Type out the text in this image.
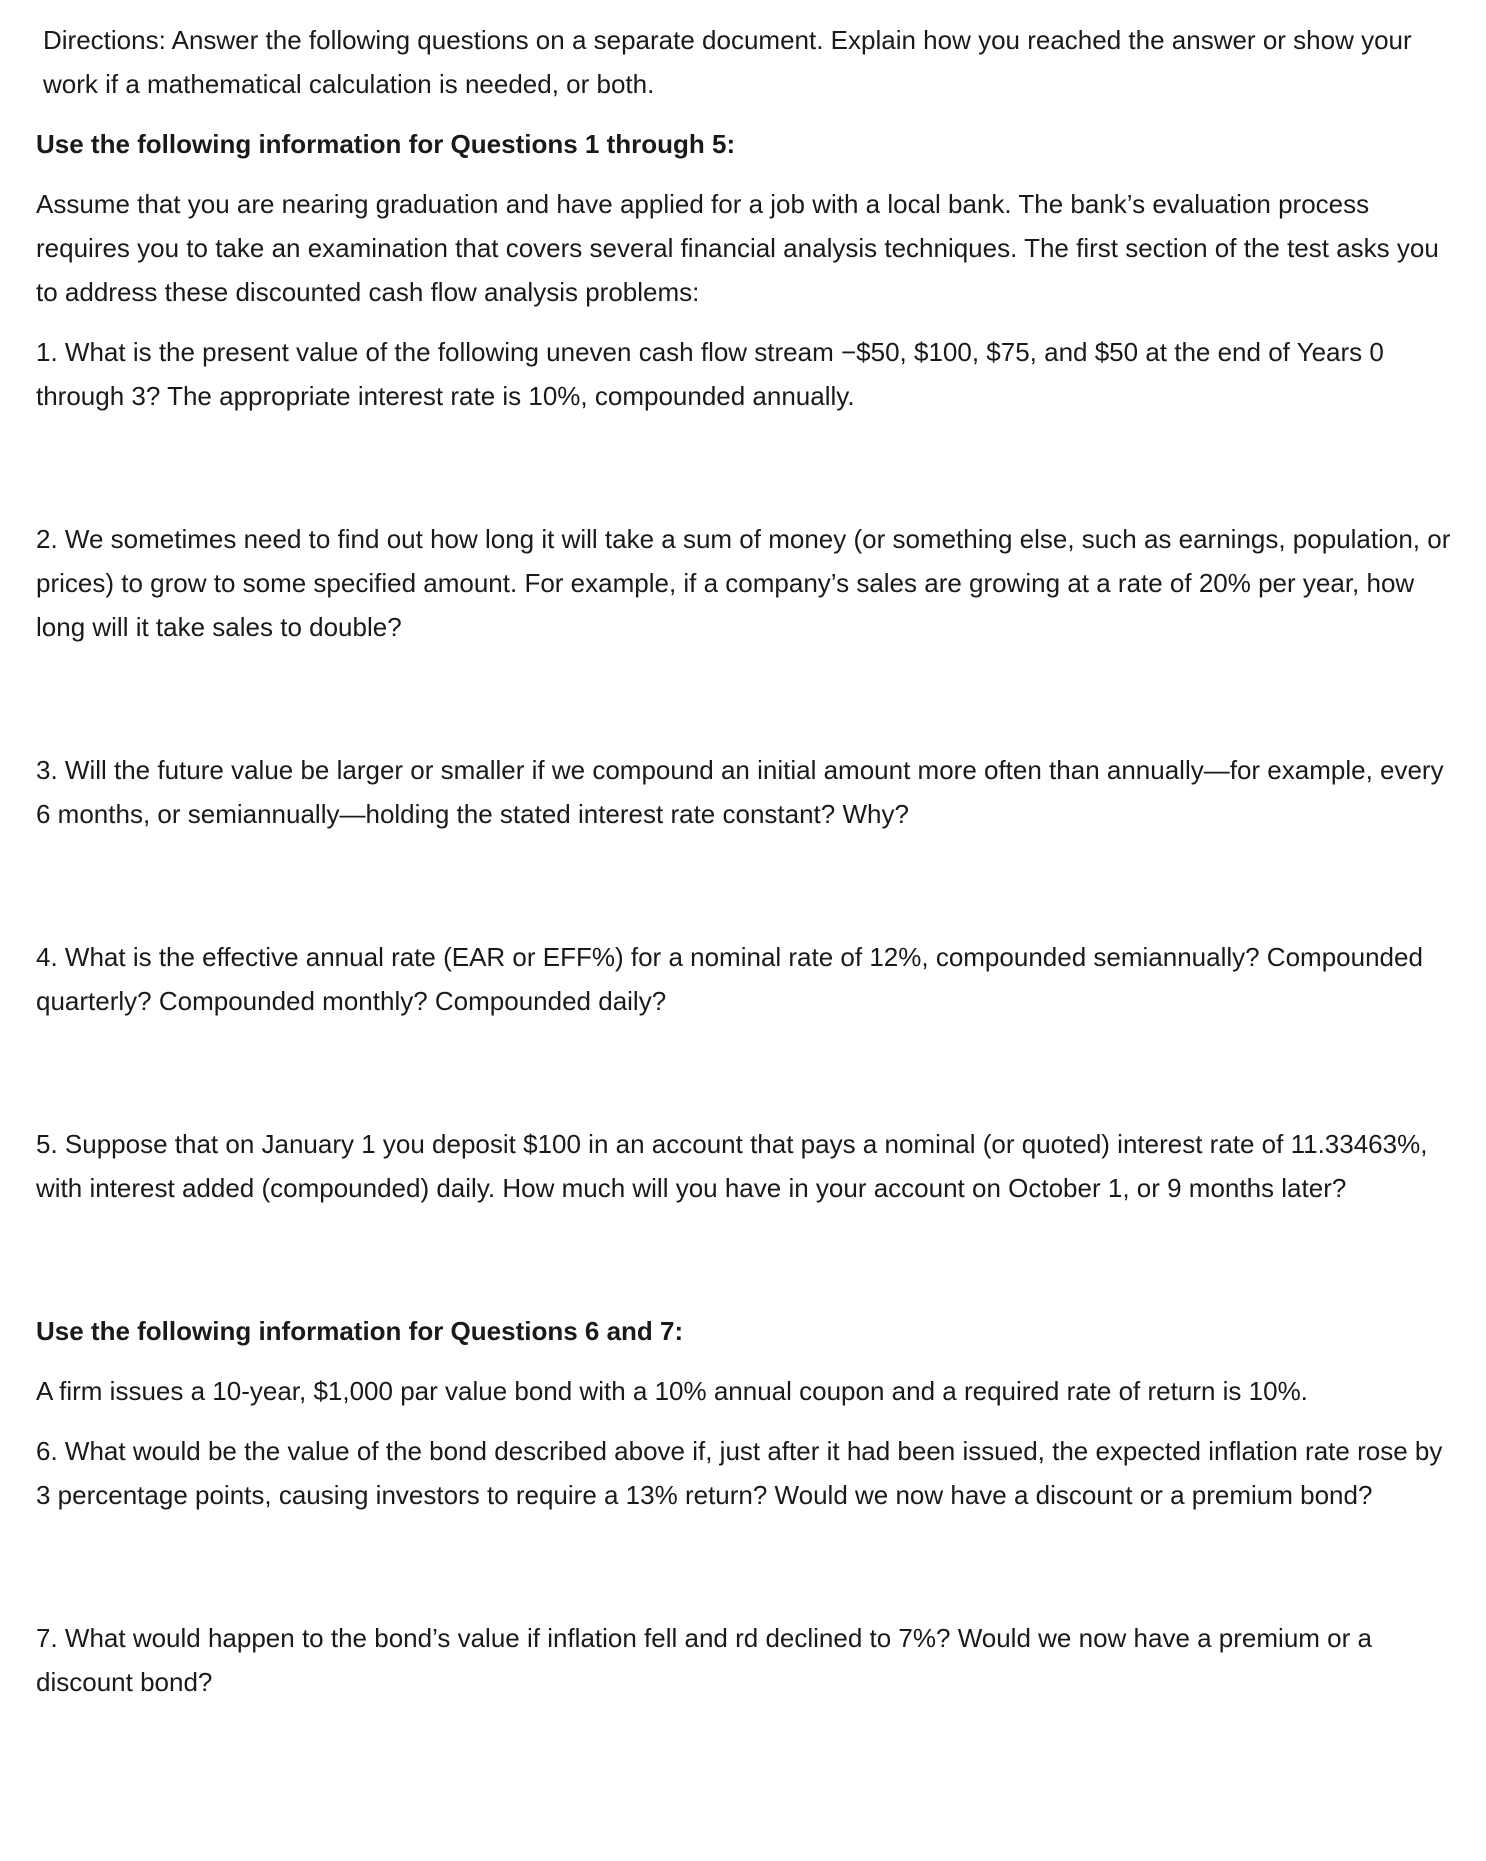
Directions: Answer the following questions on a separate document. Explain how you reached the answer or show your work if a mathematical calculation is needed, or both.

Use the following information for Questions 1 through 5:

Assume that you are nearing graduation and have applied for a job with a local bank. The bank’s evaluation process requires you to take an examination that covers several financial analysis techniques. The first section of the test asks you to address these discounted cash flow analysis problems:

1. What is the present value of the following uneven cash flow stream −$50, $100, $75, and $50 at the end of Years 0 through 3? The appropriate interest rate is 10%, compounded annually.

2. We sometimes need to find out how long it will take a sum of money (or something else, such as earnings, population, or prices) to grow to some specified amount. For example, if a company’s sales are growing at a rate of 20% per year, how long will it take sales to double?

3. Will the future value be larger or smaller if we compound an initial amount more often than annually—for example, every 6 months, or semiannually—holding the stated interest rate constant? Why?

4. What is the effective annual rate (EAR or EFF%) for a nominal rate of 12%, compounded semiannually? Compounded quarterly? Compounded monthly? Compounded daily?

5. Suppose that on January 1 you deposit $100 in an account that pays a nominal (or quoted) interest rate of 11.33463%, with interest added (compounded) daily. How much will you have in your account on October 1, or 9 months later?

Use the following information for Questions 6 and 7:

A firm issues a 10-year, $1,000 par value bond with a 10% annual coupon and a required rate of return is 10%.

6. What would be the value of the bond described above if, just after it had been issued, the expected inflation rate rose by 3 percentage points, causing investors to require a 13% return? Would we now have a discount or a premium bond?

7. What would happen to the bond’s value if inflation fell and rd declined to 7%? Would we now have a premium or a discount bond?
